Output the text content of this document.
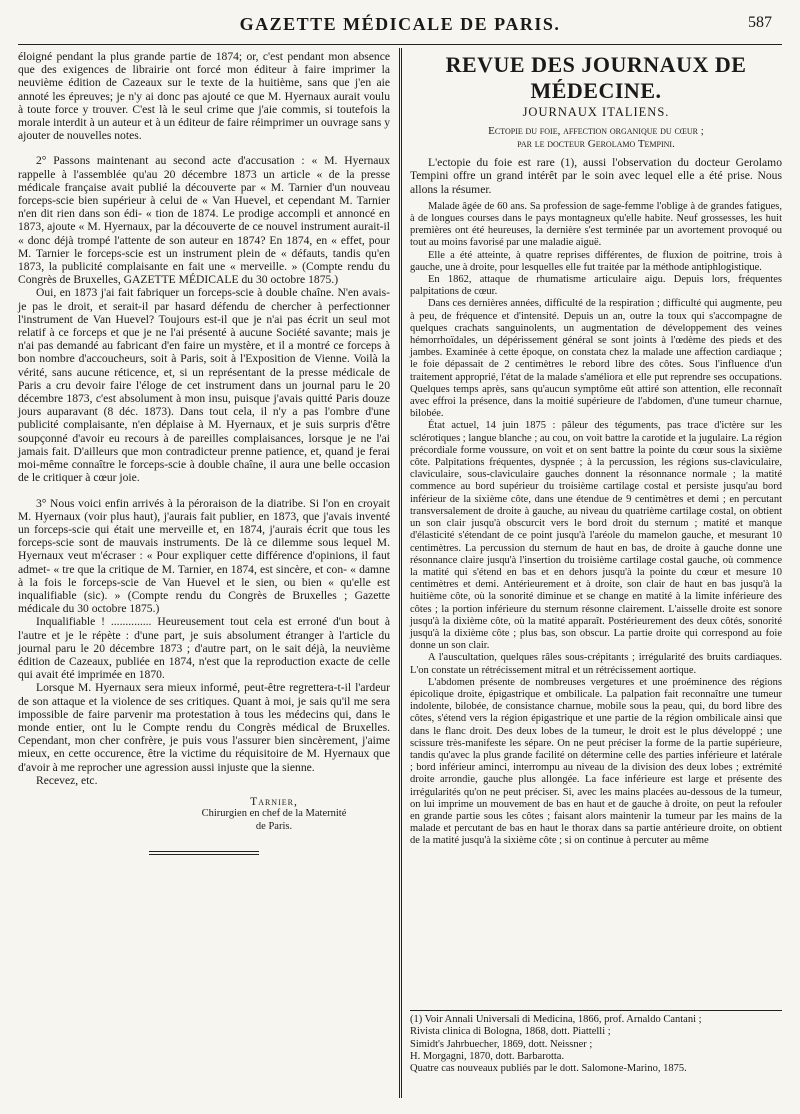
GAZETTE MÉDICALE DE PARIS.	587

éloigné pendant la plus grande partie de 1874; or, c'est pendant mon absence que des exigences de librairie ont forcé mon éditeur à faire imprimer la neuvième édition de Cazeaux sur le texte de la huitième, sans que j'en aie annoté les épreuves; je n'y ai donc pas ajouté ce que M. Hyernaux aurait voulu à toute force y trouver. C'est là le seul crime que j'aie commis, si toutefois la morale interdit à un auteur et à un éditeur de faire réimprimer un ouvrage sans y ajouter de nouvelles notes.

2° Passons maintenant au second acte d'accusation : « M. Hyernaux rappelle à l'assemblée qu'au 20 décembre 1873 un article « de la presse médicale française avait publié la découverte par « M. Tarnier d'un nouveau forceps-scie bien supérieur à celui de « Van Huevel, et cependant M. Tarnier n'en dit rien dans son édi- « tion de 1874. Le prodige accompli et annoncé en 1873, ajoute « M. Hyernaux, par la découverte de ce nouvel instrument aurait-il « donc déjà trompé l'attente de son auteur en 1874? En 1874, en « effet, pour M. Tarnier le forceps-scie est un instrument plein de « défauts, tandis qu'en 1873, la publicité complaisante en fait une « merveille. » (Compte rendu du Congrès de Bruxelles, GAZETTE MÉDICALE du 30 octobre 1875.)

Oui, en 1873 j'ai fait fabriquer un forceps-scie à double chaîne. N'en avais-je pas le droit, et serait-il par hasard défendu de chercher à perfectionner l'instrument de Van Huevel? Toujours est-il que je n'ai pas écrit un seul mot relatif à ce forceps et que je ne l'ai présenté à aucune Société savante; mais je n'ai pas demandé au fabricant d'en faire un mystère, et il a montré ce forceps à bon nombre d'accoucheurs, soit à Paris, soit à l'Exposition de Vienne. Voilà la vérité, sans aucune réticence, et, si un représentant de la presse médicale de Paris a cru devoir faire l'éloge de cet instrument dans un journal paru le 20 décembre 1873, c'est absolument à mon insu, puisque j'avais quitté Paris douze jours auparavant (8 déc. 1873). Dans tout cela, il n'y a pas l'ombre d'une publicité complaisante, n'en déplaise à M. Hyernaux, et je suis surpris d'être soupçonné d'avoir eu recours à de pareilles complaisances, lorsque je ne l'ai jamais fait. D'ailleurs que mon contradicteur prenne patience, et, quand je ferai moi-même connaître le forceps-scie à double chaîne, il aura une belle occasion de le critiquer à cœur joie.

3° Nous voici enfin arrivés à la péroraison de la diatribe. Si l'on en croyait M. Hyernaux (voir plus haut), j'aurais fait publier, en 1873, que j'avais inventé un forceps-scie qui était une merveille et, en 1874, j'aurais écrit que tous les forceps-scie sont de mauvais instruments. De là ce dilemme sous lequel M. Hyernaux veut m'écraser : « Pour expliquer cette différence d'opinions, il faut admet- « tre que la critique de M. Tarnier, en 1874, est sincère, et con- « damne à la fois le forceps-scie de Van Huevel et le sien, ou bien « qu'elle est inqualifiable (sic). » (Compte rendu du Congrès de Bruxelles ; Gazette médicale du 30 octobre 1875.)

Inqualifiable ! .............. Heureusement tout cela est erroné d'un bout à l'autre et je le répète : d'une part, je suis absolument étranger à l'article du journal paru le 20 décembre 1873 ; d'autre part, on le sait déjà, la neuvième édition de Cazeaux, publiée en 1874, n'est que la reproduction exacte de celle qui avait été imprimée en 1870.

Lorsque M. Hyernaux sera mieux informé, peut-être regrettera-t-il l'ardeur de son attaque et la violence de ses critiques. Quant à moi, je sais qu'il me sera impossible de faire parvenir ma protestation à tous les médecins qui, dans le monde entier, ont lu le Compte rendu du Congrès médical de Bruxelles. Cependant, mon cher confrère, je puis vous l'assurer bien sincèrement, j'aime mieux, en cette occurence, être la victime du réquisitoire de M. Hyernaux que d'avoir à me reprocher une agression aussi injuste que la sienne.

Recevez, etc.

Tarnier,
Chirurgien en chef de la Maternité
de Paris.
REVUE DES JOURNAUX DE MÉDECINE.
JOURNAUX ITALIENS.
Ectopie du foie, affection organique du cœur ;
par le docteur Gerolamo Tempini.

L'ectopie du foie est rare (1), aussi l'observation du docteur Gerolamo Tempini offre un grand intérêt par le soin avec lequel elle a été prise. Nous allons la résumer.

Malade âgée de 60 ans. Sa profession de sage-femme l'oblige à de grandes fatigues, à de longues courses dans le pays montagneux qu'elle habite. Neuf grossesses, les huit premières ont été heureuses, la dernière s'est terminée par un avortement provoqué ou tout au moins favorisé par une maladie aiguë.

Elle a été atteinte, à quatre reprises différentes, de fluxion de poitrine, trois à gauche, une à droite, pour lesquelles elle fut traitée par la méthode antiphlogistique.

En 1862, attaque de rhumatisme articulaire aigu. Depuis lors, fréquentes palpitations de cœur.

Dans ces dernières années, difficulté de la respiration ; difficulté qui augmente, peu à peu, de fréquence et d'intensité. Depuis un an, outre la toux qui s'accompagne de quelques crachats sanguinolents, un augmentation de développement des veines hémorrhoïdales, un dépérissement général se sont joints à l'œdème des pieds et des jambes. Examinée à cette époque, on constata chez la malade une affection cardiaque ; le foie dépassait de 2 centimètres le rebord libre des côtes. Sous l'influence d'un traitement approprié, l'état de la malade s'améliora et elle put reprendre ses occupations. Quelques temps après, sans qu'aucun symptôme eût attiré son attention, elle reconnaît avec effroi la présence, dans la moitié supérieure de l'abdomen, d'une tumeur charnue, bilobée.

État actuel, 14 juin 1875 : pâleur des téguments, pas trace d'ictère sur les sclérotiques ; langue blanche ; au cou, on voit battre la carotide et la jugulaire. La région précordiale forme voussure, on voit et on sent battre la pointe du cœur sous la sixième côte. Palpitations fréquentes, dyspnée ; à la percussion, les régions sus-claviculaire, claviculaire, sous-claviculaire gauches donnent la résonnance normale ; la matité commence au bord supérieur du troisième cartilage costal et persiste jusqu'au bord inférieur de la sixième côte, dans une étendue de 9 centimètres et demi ; en percutant transversalement de droite à gauche, au niveau du quatrième cartilage costal, on obtient un son clair jusqu'à obscurcit vers le bord droit du sternum ; matité et manque d'élasticité s'étendant de ce point jusqu'à l'aréole du mamelon gauche, et mesurant 10 centimètres. La percussion du sternum de haut en bas, de droite à gauche donne une résonnance claire jusqu'à l'insertion du troisième cartilage costal gauche, où commence la matité qui s'étend en bas et en dehors jusqu'à la pointe du cœur et mesure 10 centimètres et demi. Antérieurement et à droite, son clair de haut en bas jusqu'à la huitième côte, où la sonorité diminue et se change en matité à la limite inférieure des côtes ; la portion inférieure du sternum résonne clairement. L'aisselle droite est sonore jusqu'à la dixième côte, où la matité apparaît. Postérieurement des deux côtés, sonorité jusqu'à la dixième côte ; plus bas, son obscur. La partie droite qui correspond au foie donne un son clair.

A l'auscultation, quelques râles sous-crépitants ; irrégularité des bruits cardiaques. L'on constate un rétrécissement mitral et un rétrécissement aortique.

L'abdomen présente de nombreuses vergetures et une proéminence des régions épicolique droite, épigastrique et ombilicale. La palpation fait reconnaître une tumeur indolente, bilobée, de consistance charnue, mobile sous la peau, qui, du bord libre des côtes, s'étend vers la région épigastrique et une partie de la région ombilicale ainsi que dans le flanc droit. Des deux lobes de la tumeur, le droit est le plus développé ; une scissure très-manifeste les sépare. On ne peut préciser la forme de la partie supérieure, tandis qu'avec la plus grande facilité on détermine celle des parties inférieure et latérale ; bord inférieur aminci, interrompu au niveau de la division des deux lobes ; extrémité droite arrondie, gauche plus allongée. La face inférieure est large et présente des irrégularités qu'on ne peut préciser. Si, avec les mains placées au-dessous de la tumeur, on lui imprime un mouvement de bas en haut et de gauche à droite, on peut la refouler en grande partie sous les côtes ; faisant alors maintenir la tumeur par les mains de la malade et percutant de bas en haut le thorax dans sa partie antérieure droite, on obtient de la matité jusqu'à la sixième côte ; si on continue à percuter au même

(1) Voir Annali Universali di Medicina, 1866, prof. Arnaldo Cantani ;
Rivista clinica di Bologna, 1868, dott. Piattelli ;
Simidt's Jahrbuecher, 1869, dott. Neissner ;
H. Morgagni, 1870, dott. Barbarotta.
Quatre cas nouveaux publiés par le dott. Salomone-Marino, 1875.
